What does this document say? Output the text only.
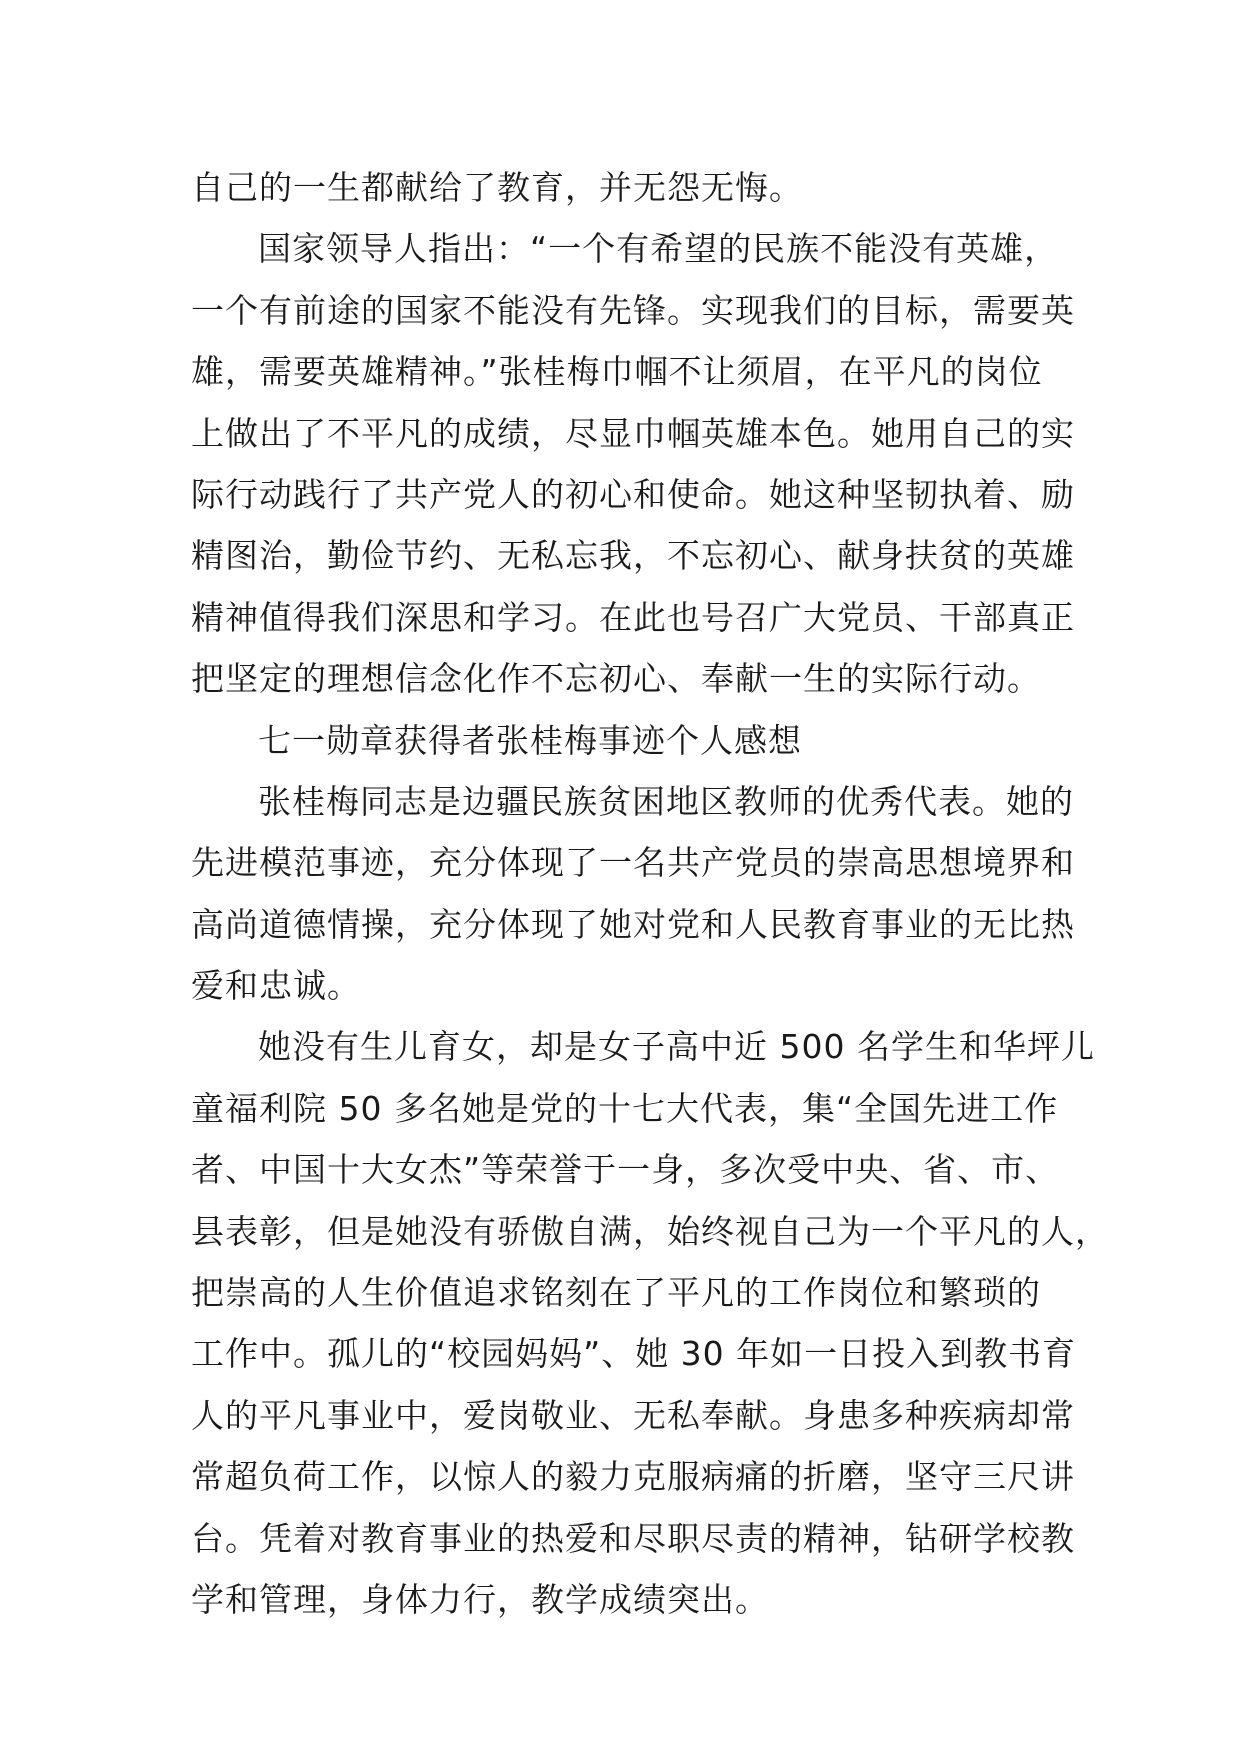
自己的一生都献给了教育，并无怨无悔。
国家领导人指出：“一个有希望的民族不能没有英雄，
一个有前途的国家不能没有先锋。实现我们的目标，需要英
雄，需要英雄精神。”张桂梅巾帼不让须眉，在平凡的岗位
上做出了不平凡的成绩，尽显巾帼英雄本色。她用自己的实
际行动践行了共产党人的初心和使命。她这种坚韧执着、励
精图治，勤俭节约、无私忘我，不忘初心、献身扶贫的英雄
精神值得我们深思和学习。在此也号召广大党员、干部真正
把坚定的理想信念化作不忘初心、奉献一生的实际行动。
七一勋章获得者张桂梅事迹个人感想
张桂梅同志是边疆民族贫困地区教师的优秀代表。她的
先进模范事迹，充分体现了一名共产党员的崇高思想境界和
高尚道德情操，充分体现了她对党和人民教育事业的无比热
爱和忠诚。
她没有生儿育女，却是女子高中近 500 名学生和华坪儿
童福利院 50 多名她是党的十七大代表，集“全国先进工作
者、中国十大女杰”等荣誉于一身，多次受中央、省、市、
县表彰，但是她没有骄傲自满，始终视自己为一个平凡的人，
把崇高的人生价值追求铭刻在了平凡的工作岗位和繁琐的
工作中。孤儿的“校园妈妈”、她 30 年如一日投入到教书育
人的平凡事业中，爱岗敬业、无私奉献。身患多种疾病却常
常超负荷工作，以惊人的毅力克服病痛的折磨，坚守三尺讲
台。凭着对教育事业的热爱和尽职尽责的精神，钻研学校教
学和管理，身体力行，教学成绩突出。
